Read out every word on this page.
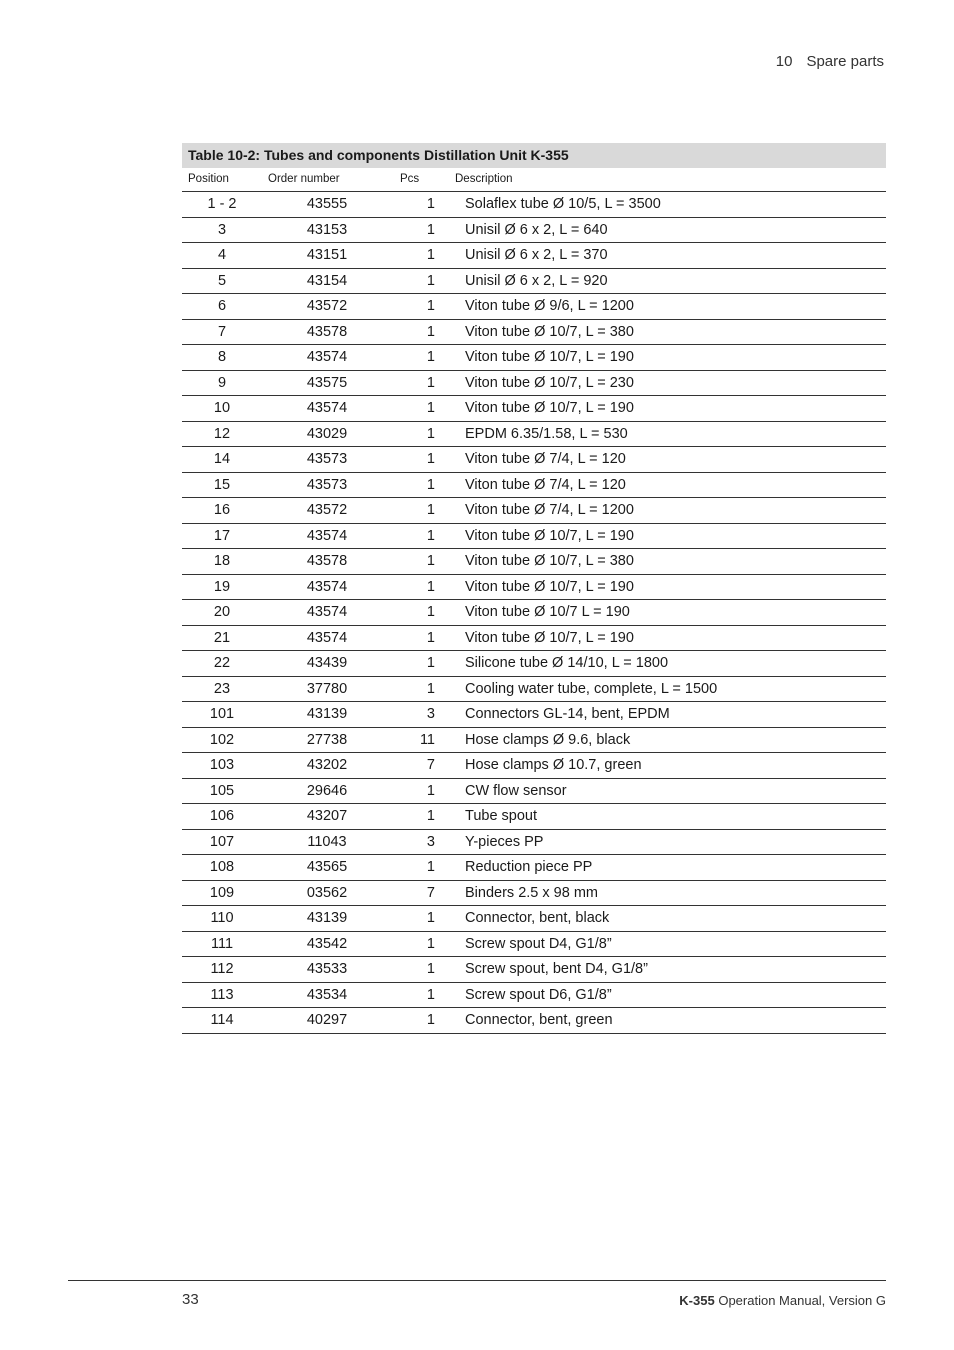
10 Spare parts
Table 10-2: Tubes and components Distillation Unit K-355
Position	Order number	Pcs	Description
1 - 2	43555	1	Solaflex tube Ø 10/5, L = 3500
3	43153	1	Unisil Ø 6 x 2, L = 640
4	43151	1	Unisil Ø 6 x 2, L = 370
5	43154	1	Unisil Ø 6 x 2, L = 920
6	43572	1	Viton tube Ø 9/6, L = 1200
7	43578	1	Viton tube Ø 10/7, L = 380
8	43574	1	Viton tube Ø 10/7, L = 190
9	43575	1	Viton tube Ø 10/7, L = 230
10	43574	1	Viton tube Ø 10/7, L = 190
12	43029	1	EPDM 6.35/1.58, L = 530
14	43573	1	Viton tube Ø 7/4, L = 120
15	43573	1	Viton tube Ø 7/4, L = 120
16	43572	1	Viton tube Ø 7/4, L = 1200
17	43574	1	Viton tube Ø 10/7, L = 190
18	43578	1	Viton tube Ø 10/7, L = 380
19	43574	1	Viton tube Ø 10/7, L = 190
20	43574	1	Viton tube Ø 10/7 L = 190
21	43574	1	Viton tube Ø 10/7, L = 190
22	43439	1	Silicone tube Ø 14/10, L = 1800
23	37780	1	Cooling water tube, complete, L = 1500
101	43139	3	Connectors GL-14, bent, EPDM
102	27738	11	Hose clamps Ø 9.6, black
103	43202	7	Hose clamps Ø 10.7, green
105	29646	1	CW flow sensor
106	43207	1	Tube spout
107	11043	3	Y-pieces PP
108	43565	1	Reduction piece PP
109	03562	7	Binders 2.5 x 98 mm
110	43139	1	Connector, bent, black
111	43542	1	Screw spout D4, G1/8”
112	43533	1	Screw spout, bent D4, G1/8”
113	43534	1	Screw spout D6, G1/8”
114	40297	1	Connector, bent, green
33	K-355 Operation Manual, Version G
